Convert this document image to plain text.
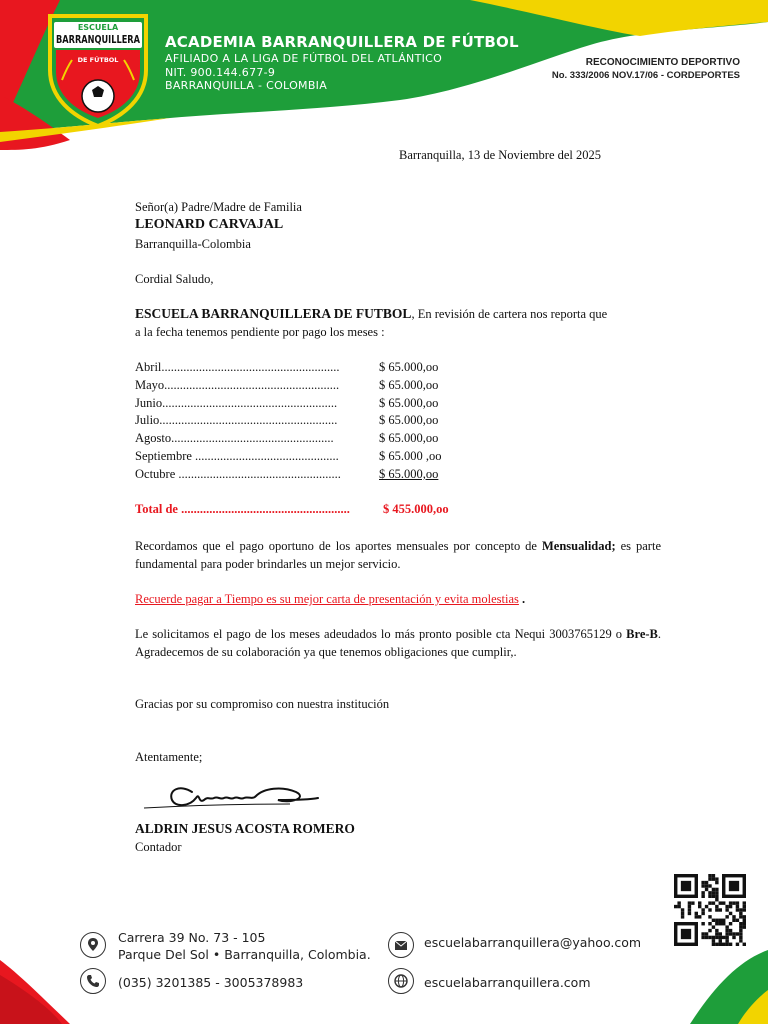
ESCUELA
BARRANQUILLERA
DE FÚTBOL
ACADEMIA BARRANQUILLERA DE FÚTBOL
AFILIADO A LA LIGA DE FÚTBOL DEL ATLÁNTICO
NIT. 900.144.677-9
BARRANQUILLA - COLOMBIA
RECONOCIMIENTO DEPORTIVO
No. 333/2006 NOV.17/06 - CORDEPORTES
Barranquilla, 13 de Noviembre del 2025
Señor(a) Padre/Madre de Familia
LEONARD CARVAJAL
Barranquilla-Colombia
Cordial Saludo,
ESCUELA BARRANQUILLERA DE FUTBOL, En revisión de cartera nos reporta que
a la fecha tenemos pendiente por pago los meses :
Abril.........................................................	$ 65.000,oo
Mayo........................................................	$ 65.000,oo
Junio........................................................	$ 65.000,oo
Julio.........................................................	$ 65.000,oo
Agosto....................................................	$ 65.000,oo
Septiembre ..............................................	$ 65.000 ,oo
Octubre ....................................................	$ 65.000,oo
Total de ......................................................	$ 455.000,oo
Recordamos que el pago oportuno de los aportes mensuales por concepto de Mensualidad; es parte fundamental para poder brindarles un mejor servicio.
Recuerde pagar a Tiempo es su mejor carta de presentación y evita molestias .
Le solicitamos el pago de los meses adeudados lo más pronto posible cta Nequi 3003765129 o Bre-B. Agradecemos de su colaboración ya que tenemos obligaciones que cumplir,.
Gracias por su compromiso con nuestra institución
Atentamente;
ALDRIN JESUS ACOSTA ROMERO
Contador
Carrera 39 No. 73 - 105
Parque Del Sol • Barranquilla, Colombia.
(035) 3201385 - 3005378983
escuelabarranquillera@yahoo.com
escuelabarranquillera.com
